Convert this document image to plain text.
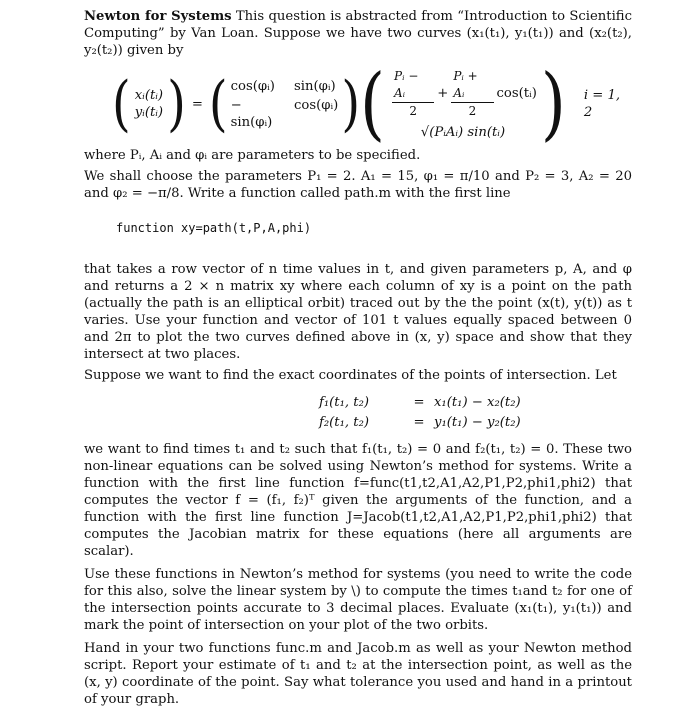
Newton for Systems This question is abstracted from “Introduction to Scientific Computing” by Van Loan. Suppose we have two curves (x₁(t₁), y₁(t₁)) and (x₂(t₂), y₂(t₂)) given by

( xᵢ(tᵢ)
yᵢ(tᵢ) ) = ( cos(φᵢ)	sin(φᵢ)
− sin(φᵢ)
cos(φᵢ) ) ( $\frac{\text{Pᵢ − Aᵢ}}{2} + \frac{\text{Pᵢ + Aᵢ}}{2}$ cos(tᵢ)
√(PᵢAᵢ) sin(tᵢ) ) i = 1, 2

where Pᵢ, Aᵢ and φᵢ are parameters to be specified.

We shall choose the parameters P₁ = 2. A₁ = 15, φ₁ = π/10 and P₂ = 3, A₂ = 20 and φ₂ = −π/8. Write a function called path.m with the first line

function xy=path(t,P,A,phi)

that takes a row vector of n time values in t, and given parameters p, A, and φ and returns a 2 × n matrix xy where each column of xy is a point on the path (actually the path is an elliptical orbit) traced out by the the point (x(t), y(t)) as t varies. Use your function and vector of 101 t values equally spaced between 0 and 2π to plot the two curves defined above in (x, y) space and show that they intersect at two places.

Suppose we want to find the exact coordinates of the points of intersection. Let

f₁(t₁, t₂)	= x₁(t₁) − x₂(t₂)
f₂(t₁, t₂)	= y₁(t₁) − y₂(t₂)

we want to find times t₁ and t₂ such that f₁(t₁, t₂) = 0 and f₂(t₁, t₂) = 0. These two non-linear equations can be solved using Newton’s method for systems. Write a function with the first line function f=func(t1,t2,A1,A2,P1,P2,phi1,phi2) that computes the vector f = (f₁, f₂)ᵀ given the arguments of the function, and a function with the first line function J=Jacob(t1,t2,A1,A2,P1,P2,phi1,phi2) that computes the Jacobian matrix for these equations (here all arguments are scalar).

Use these functions in Newton’s method for systems (you need to write the code for this also, solve the linear system by \) to compute the times t₁and t₂ for one of the intersection points accurate to 3 decimal places. Evaluate (x₁(t₁), y₁(t₁)) and mark the point of intersection on your plot of the two orbits.

Hand in your two functions func.m and Jacob.m as well as your Newton method script. Report your estimate of t₁ and t₂ at the intersection point, as well as the (x, y) coordinate of the point. Say what tolerance you used and hand in a printout of your graph.
